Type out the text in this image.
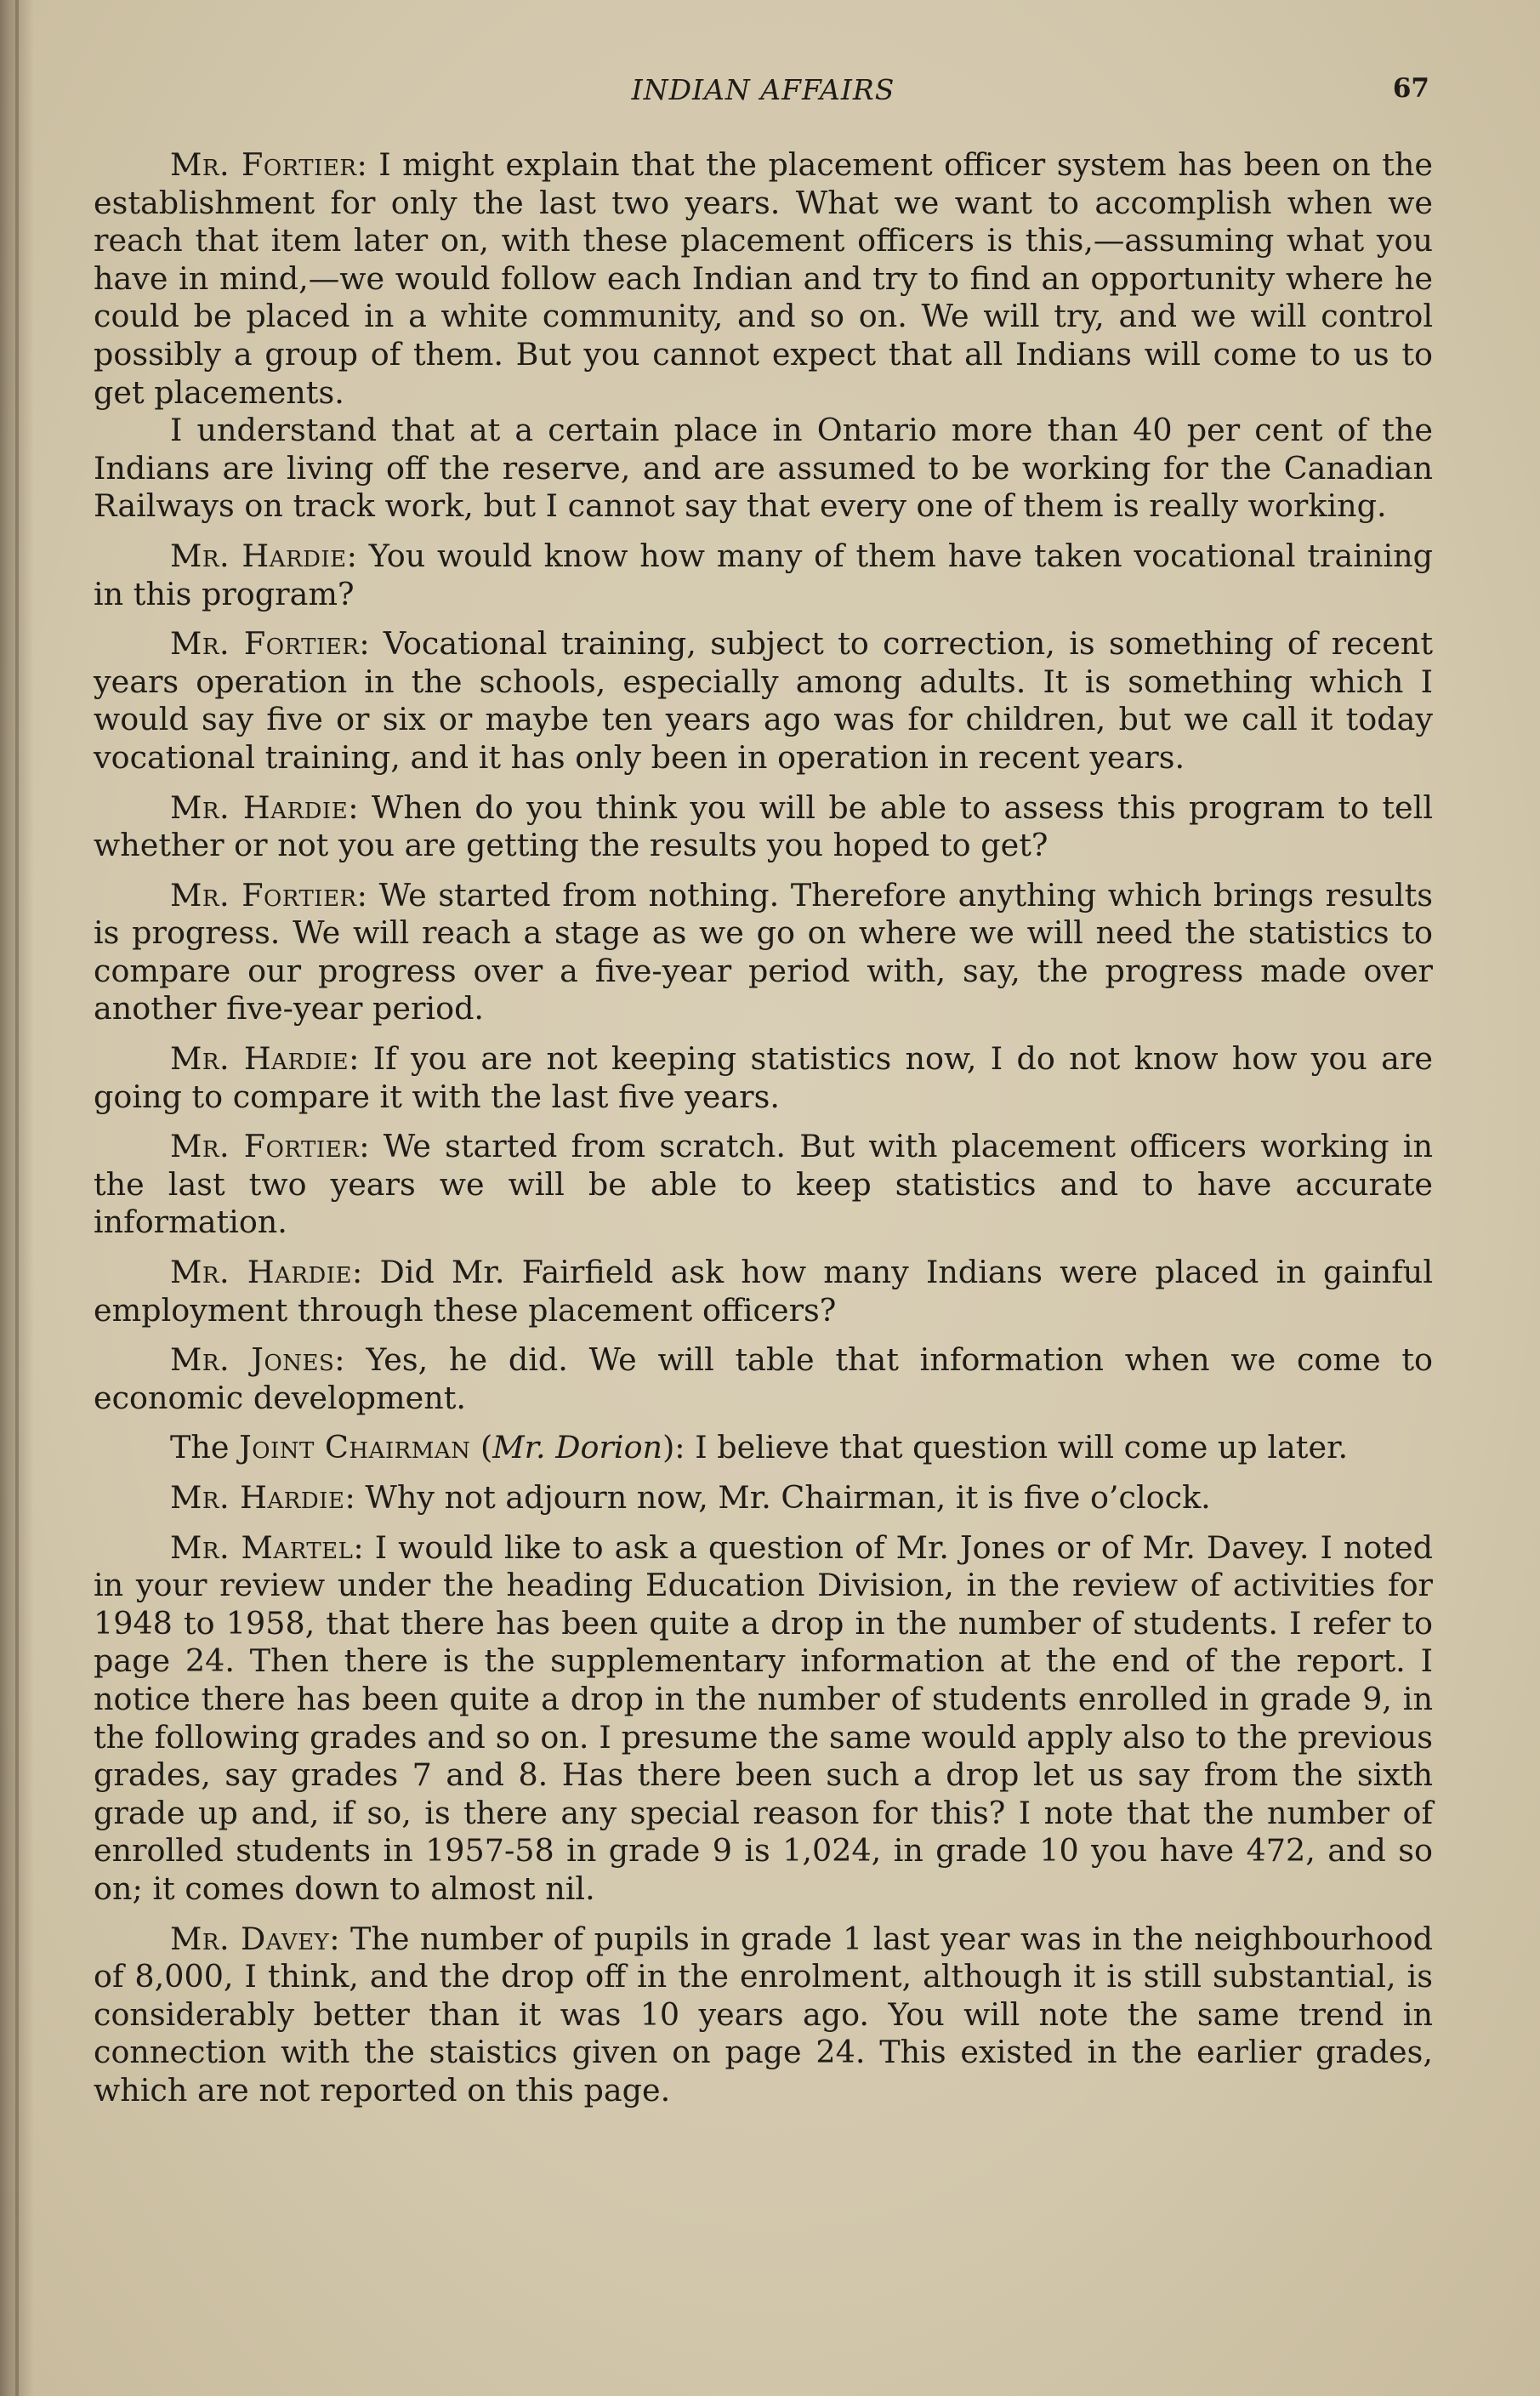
INDIAN AFFAIRS	67

Mr. Fortier: I might explain that the placement officer system has been on the establishment for only the last two years. What we want to accomplish when we reach that item later on, with these placement officers is this,—assuming what you have in mind,—we would follow each Indian and try to find an opportunity where he could be placed in a white community, and so on. We will try, and we will control possibly a group of them. But you cannot expect that all Indians will come to us to get placements.

I understand that at a certain place in Ontario more than 40 per cent of the Indians are living off the reserve, and are assumed to be working for the Canadian Railways on track work, but I cannot say that every one of them is really working.

Mr. Hardie: You would know how many of them have taken vocational training in this program?

Mr. Fortier: Vocational training, subject to correction, is something of recent years operation in the schools, especially among adults. It is something which I would say five or six or maybe ten years ago was for children, but we call it today vocational training, and it has only been in operation in recent years.

Mr. Hardie: When do you think you will be able to assess this program to tell whether or not you are getting the results you hoped to get?

Mr. Fortier: We started from nothing. Therefore anything which brings results is progress. We will reach a stage as we go on where we will need the statistics to compare our progress over a five-year period with, say, the progress made over another five-year period.

Mr. Hardie: If you are not keeping statistics now, I do not know how you are going to compare it with the last five years.

Mr. Fortier: We started from scratch. But with placement officers working in the last two years we will be able to keep statistics and to have accurate information.

Mr. Hardie: Did Mr. Fairfield ask how many Indians were placed in gainful employment through these placement officers?

Mr. Jones: Yes, he did. We will table that information when we come to economic development.

The Joint Chairman (Mr. Dorion): I believe that question will come up later.

Mr. Hardie: Why not adjourn now, Mr. Chairman, it is five o’clock.

Mr. Martel: I would like to ask a question of Mr. Jones or of Mr. Davey. I noted in your review under the heading Education Division, in the review of activities for 1948 to 1958, that there has been quite a drop in the number of students. I refer to page 24. Then there is the supplementary information at the end of the report. I notice there has been quite a drop in the number of students enrolled in grade 9, in the following grades and so on. I presume the same would apply also to the previous grades, say grades 7 and 8. Has there been such a drop let us say from the sixth grade up and, if so, is there any special reason for this? I note that the number of enrolled students in 1957-58 in grade 9 is 1,024, in grade 10 you have 472, and so on; it comes down to almost nil.

Mr. Davey: The number of pupils in grade 1 last year was in the neighbourhood of 8,000, I think, and the drop off in the enrolment, although it is still substantial, is considerably better than it was 10 years ago. You will note the same trend in connection with the staistics given on page 24. This existed in the earlier grades, which are not reported on this page.
